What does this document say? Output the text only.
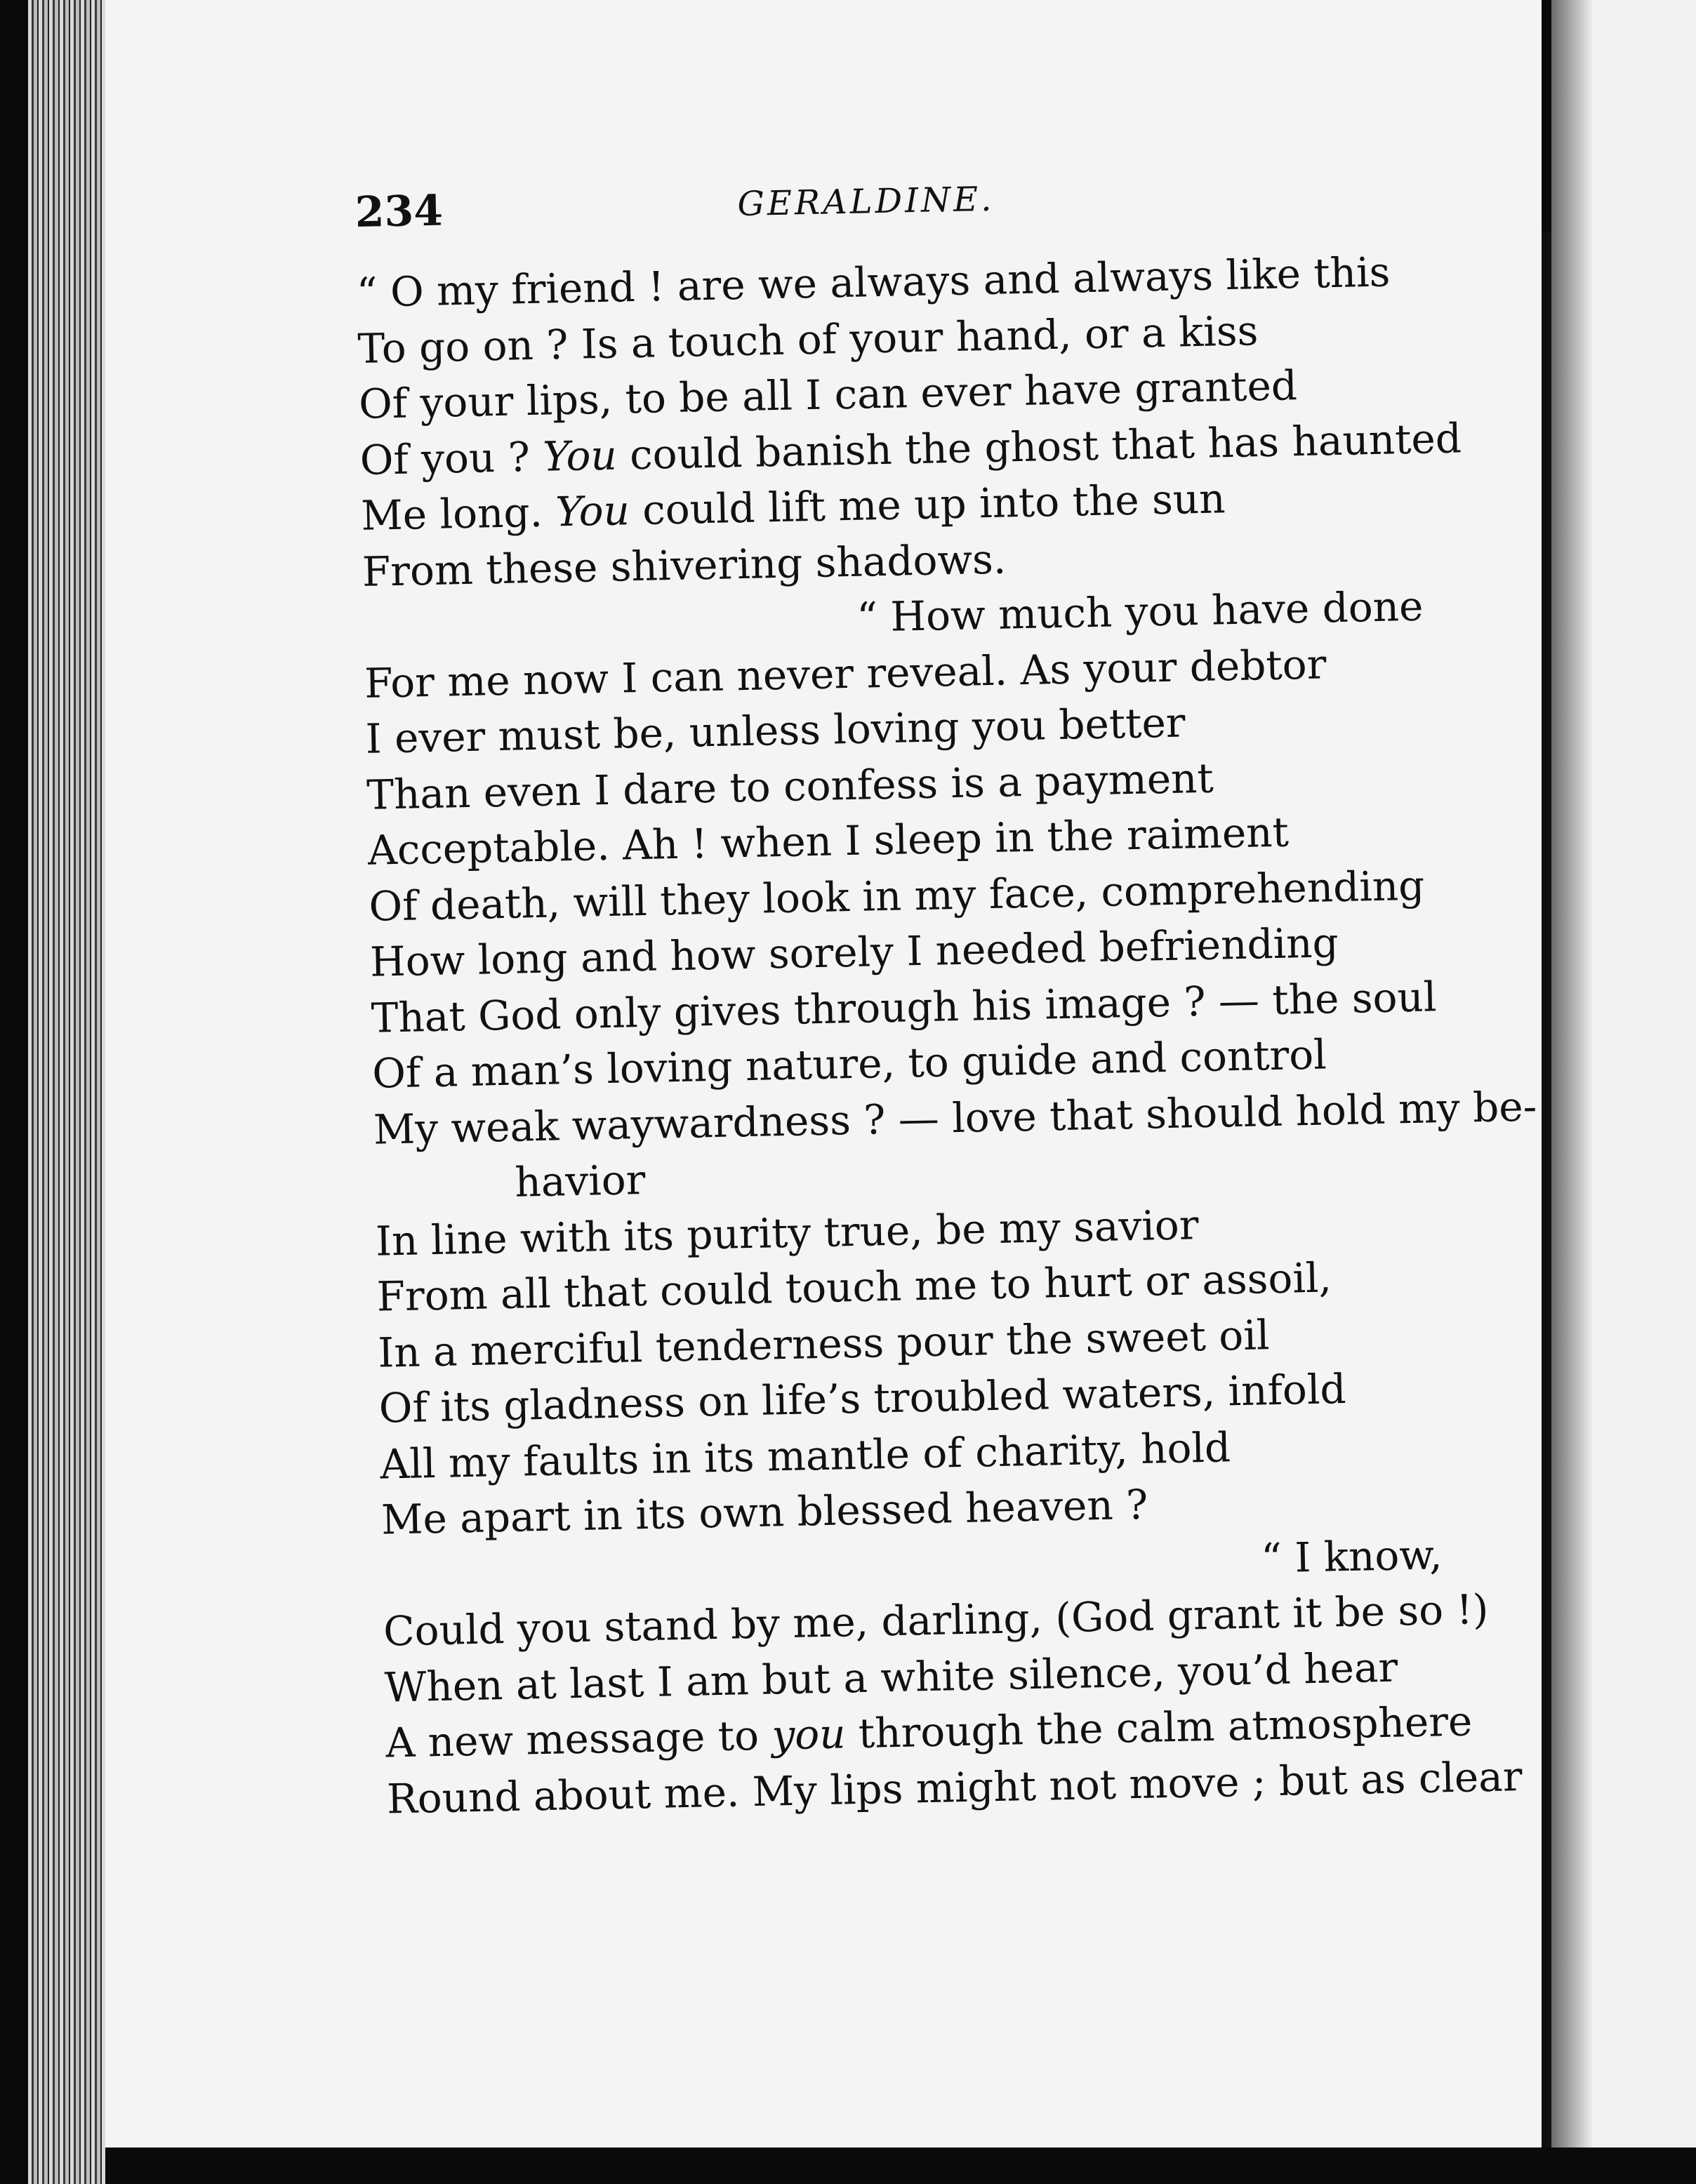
234	GERALDINE.
“ O my friend ! are we always and always like this
To go on ? Is a touch of your hand, or a kiss
Of your lips, to be all I can ever have granted
Of you ? You could banish the ghost that has haunted
Me long. You could lift me up into the sun
From these shivering shadows.
“ How much you have done
For me now I can never reveal. As your debtor
I ever must be, unless loving you better
Than even I dare to confess is a payment
Acceptable. Ah ! when I sleep in the raiment
Of death, will they look in my face, comprehending
How long and how sorely I needed befriending
That God only gives through his image ? — the soul
Of a man’s loving nature, to guide and control
My weak waywardness ? — love that should hold my be-
havior
In line with its purity true, be my savior
From all that could touch me to hurt or assoil,
In a merciful tenderness pour the sweet oil
Of its gladness on life’s troubled waters, infold
All my faults in its mantle of charity, hold
Me apart in its own blessed heaven ?
“ I know,
Could you stand by me, darling, (God grant it be so !)
When at last I am but a white silence, you’d hear
A new message to you through the calm atmosphere
Round about me. My lips might not move ; but as clear
